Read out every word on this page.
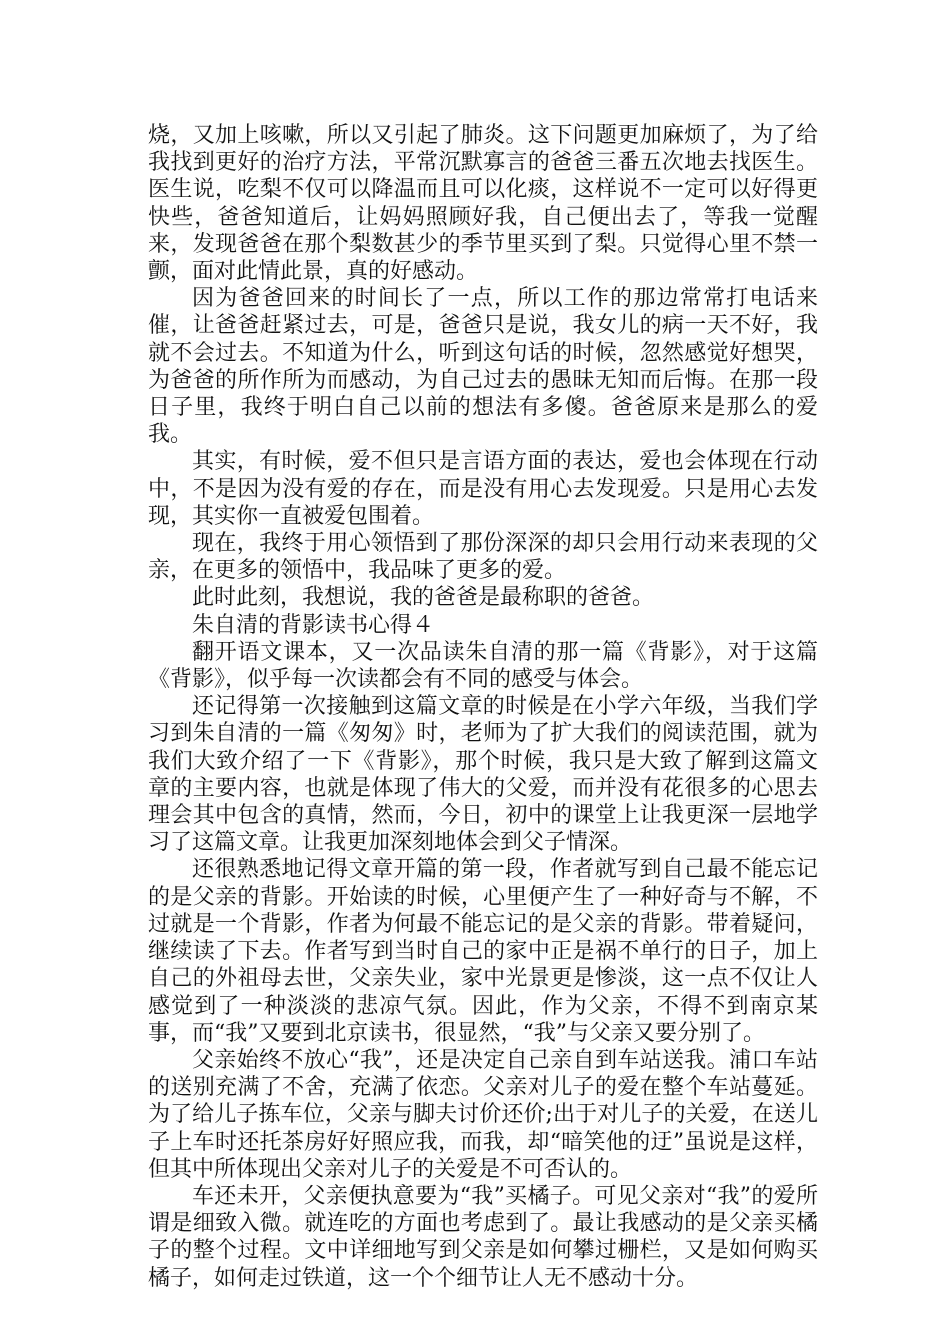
烧，又加上咳嗽，所以又引起了肺炎。这下问题更加麻烦了，为了给我找到更好的治疗方法，平常沉默寡言的爸爸三番五次地去找医生。医生说，吃梨不仅可以降温而且可以化痰，这样说不一定可以好得更快些，爸爸知道后，让妈妈照顾好我，自己便出去了，等我一觉醒来，发现爸爸在那个梨数甚少的季节里买到了梨。只觉得心里不禁一颤，面对此情此景，真的好感动。

因为爸爸回来的时间长了一点，所以工作的那边常常打电话来催，让爸爸赶紧过去，可是，爸爸只是说，我女儿的病一天不好，我就不会过去。不知道为什么，听到这句话的时候，忽然感觉好想哭，为爸爸的所作所为而感动，为自己过去的愚昧无知而后悔。在那一段日子里，我终于明白自己以前的想法有多傻。爸爸原来是那么的爱我。

其实，有时候，爱不但只是言语方面的表达，爱也会体现在行动中，不是因为没有爱的存在，而是没有用心去发现爱。只是用心去发现，其实你一直被爱包围着。

现在，我终于用心领悟到了那份深深的却只会用行动来表现的父亲，在更多的领悟中，我品味了更多的爱。

此时此刻，我想说，我的爸爸是最称职的爸爸。

朱自清的背影读书心得４

翻开语文课本，又一次品读朱自清的那一篇《背影》，对于这篇《背影》，似乎每一次读都会有不同的感受与体会。

还记得第一次接触到这篇文章的时候是在小学六年级，当我们学习到朱自清的一篇《匆匆》时，老师为了扩大我们的阅读范围，就为我们大致介绍了一下《背影》，那个时候，我只是大致了解到这篇文章的主要内容，也就是体现了伟大的父爱，而并没有花很多的心思去理会其中包含的真情，然而，今日，初中的课堂上让我更深一层地学习了这篇文章。让我更加深刻地体会到父子情深。

还很熟悉地记得文章开篇的第一段，作者就写到自己最不能忘记的是父亲的背影。开始读的时候，心里便产生了一种好奇与不解，不过就是一个背影，作者为何最不能忘记的是父亲的背影。带着疑问，继续读了下去。作者写到当时自己的家中正是祸不单行的日子，加上自己的外祖母去世，父亲失业，家中光景更是惨淡，这一点不仅让人感觉到了一种淡淡的悲凉气氛。因此，作为父亲，不得不到南京某事，而“我”又要到北京读书，很显然，“我”与父亲又要分别了。

父亲始终不放心“我”，还是决定自己亲自到车站送我。浦口车站的送别充满了不舍，充满了依恋。父亲对儿子的爱在整个车站蔓延。为了给儿子拣车位，父亲与脚夫讨价还价;出于对儿子的关爱，在送儿子上车时还托茶房好好照应我，而我，却“暗笑他的迂”虽说是这样，但其中所体现出父亲对儿子的关爱是不可否认的。

车还未开，父亲便执意要为“我”买橘子。可见父亲对“我”的爱所谓是细致入微。就连吃的方面也考虑到了。最让我感动的是父亲买橘子的整个过程。文中详细地写到父亲是如何攀过栅栏，又是如何购买橘子，如何走过铁道，这一个个细节让人无不感动十分。
